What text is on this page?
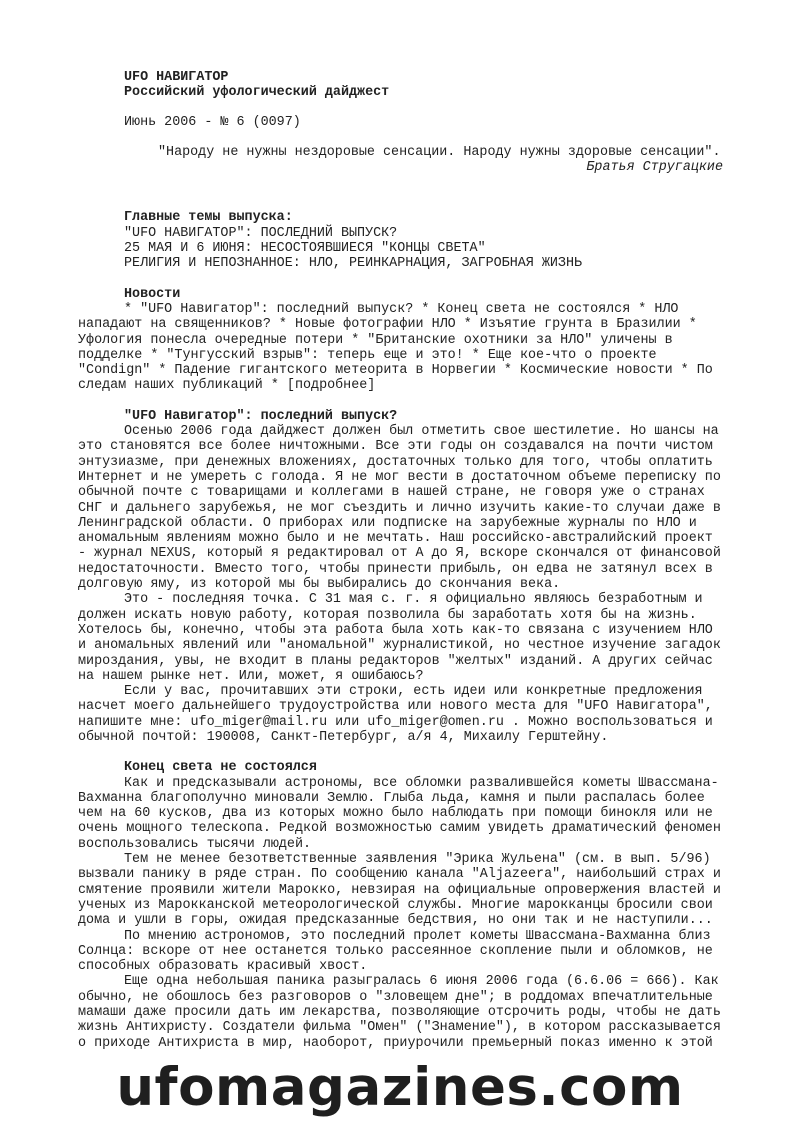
UFO НАВИГАТОР
Российский уфологический дайджест
Июнь 2006 - № 6 (0097)
"Народу не нужны нездоровые сенсации. Народу нужны здоровые сенсации".
Братья Стругацкие
Главные темы выпуска:
"UFO НАВИГАТОР": ПОСЛЕДНИЙ ВЫПУСК?
25 МАЯ И 6 ИЮНЯ: НЕСОСТОЯВШИЕСЯ "КОНЦЫ СВЕТА"
РЕЛИГИЯ И НЕПОЗНАННОЕ: НЛО, РЕИНКАРНАЦИЯ, ЗАГРОБНАЯ ЖИЗНЬ
Новости

* "UFO Навигатор": последний выпуск? * Конец света не состоялся * НЛО нападают на священников? * Новые фотографии НЛО * Изъятие грунта в Бразилии * Уфология понесла очередные потери * "Британские охотники за НЛО" уличены в подделке * "Тунгусский взрыв": теперь еще и это! * Еще кое-что о проекте "Condign" * Падение гигантского метеорита в Норвегии * Космические новости * По следам наших публикаций * [подробнее]

"UFO Навигатор": последний выпуск?

Осенью 2006 года дайджест должен был отметить свое шестилетие. Но шансы на это становятся все более ничтожными. Все эти годы он создавался на почти чистом энтузиазме, при денежных вложениях, достаточных только для того, чтобы оплатить Интернет и не умереть с голода. Я не мог вести в достаточном объеме переписку по обычной почте с товарищами и коллегами в нашей стране, не говоря уже о странах СНГ и дальнего зарубежья, не мог съездить и лично изучить какие-то случаи даже в Ленинградской области. О приборах или подписке на зарубежные журналы по НЛО и аномальным явлениям можно было и не мечтать. Наш российско-австралийский проект - журнал NEXUS, который я редактировал от А до Я, вскоре скончался от финансовой недостаточности. Вместо того, чтобы принести прибыль, он едва не затянул всех в долговую яму, из которой мы бы выбирались до скончания века.

Это - последняя точка. С 31 мая с. г. я официально являюсь безработным и должен искать новую работу, которая позволила бы заработать хотя бы на жизнь. Хотелось бы, конечно, чтобы эта работа была хоть как-то связана с изучением НЛО и аномальных явлений или "аномальной" журналистикой, но честное изучение загадок мироздания, увы, не входит в планы редакторов "желтых" изданий. А других сейчас на нашем рынке нет. Или, может, я ошибаюсь?

Если у вас, прочитавших эти строки, есть идеи или конкретные предложения насчет моего дальнейшего трудоустройства или нового места для "UFO Навигатора", напишите мне: ufo_miger@mail.ru или ufo_miger@omen.ru . Можно воспользоваться и обычной почтой: 190008, Санкт-Петербург, а/я 4, Михаилу Герштейну.

Конец света не состоялся

Как и предсказывали астрономы, все обломки развалившейся кометы Швассмана-Вахманна благополучно миновали Землю. Глыба льда, камня и пыли распалась более чем на 60 кусков, два из которых можно было наблюдать при помощи бинокля или не очень мощного телескопа. Редкой возможностью самим увидеть драматический феномен воспользовались тысячи людей.

Тем не менее безответственные заявления "Эрика Жульена" (см. в вып. 5/96) вызвали панику в ряде стран. По сообщению канала "Aljazeera", наибольший страх и смятение проявили жители Марокко, невзирая на официальные опровержения властей и ученых из Марокканской метеорологической службы. Многие марокканцы бросили свои дома и ушли в горы, ожидая предсказанные бедствия, но они так и не наступили...

По мнению астрономов, это последний пролет кометы Швассмана-Вахманна близ Солнца: вскоре от нее останется только рассеянное скопление пыли и обломков, не способных образовать красивый хвост.

Еще одна небольшая паника разыгралась 6 июня 2006 года (6.6.06 = 666). Как обычно, не обошлось без разговоров о "зловещем дне"; в роддомах впечатлительные мамаши даже просили дать им лекарства, позволяющие отсрочить роды, чтобы не дать жизнь Антихристу. Создатели фильма "Омен" ("Знамение"), в котором рассказывается о приходе Антихриста в мир, наоборот, приурочили премьерный показ именно к этой

ufomagazines.com
